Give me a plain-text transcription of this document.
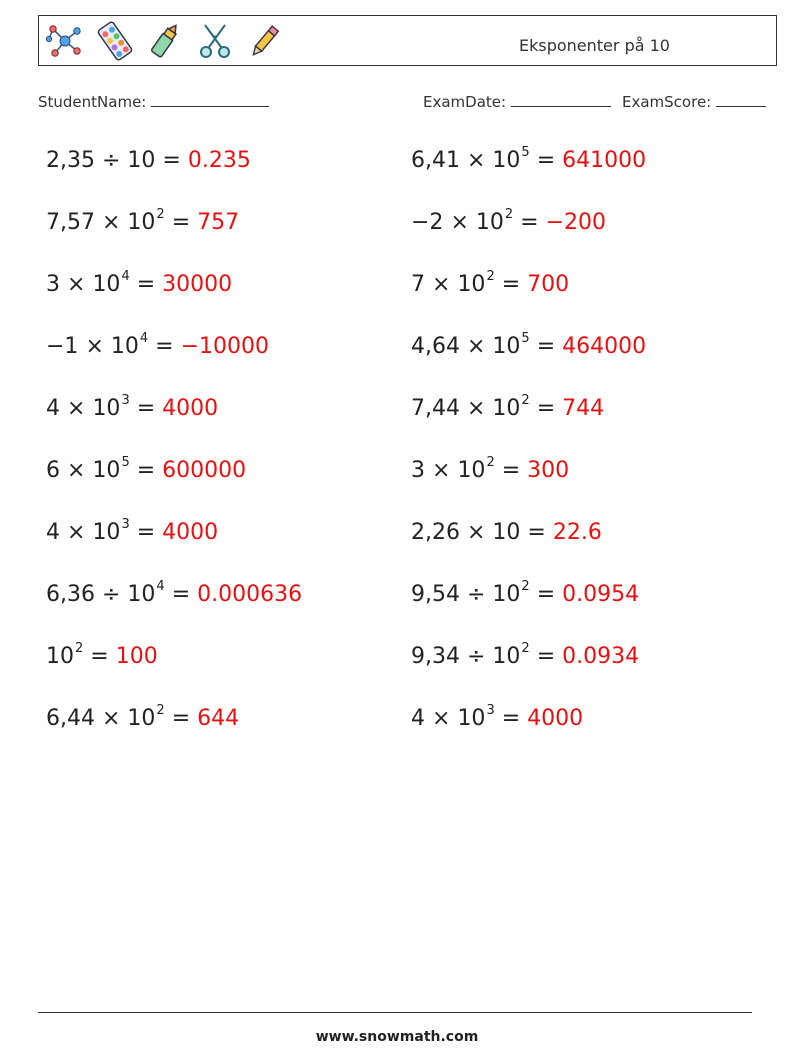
Eksponenter på 10
StudentName:	ExamDate:	ExamScore:
2,35 ÷ 10 = 0.235	$6,41 \times 10^5 = 641000$
$7,57 \times 10^2 = 757$	$-2 \times 10^2 = -200$
$3 \times 10^4 = 30000$	$7 \times 10^2 = 700$
$-1 \times 10^4 = -10000$	$4,64 \times 10^5 = 464000$
$4 \times 10^3 = 4000$	$7,44 \times 10^2 = 744$
$6 \times 10^5 = 600000$	$3 \times 10^2 = 300$
$4 \times 10^3 = 4000$	2,26 × 10 = 22.6
$6,36 \div 10^4 = 0.000636$	$9,54 \div 10^2 = 0.0954$
$10^2 = 100$	$9,34 \div 10^2 = 0.0934$
$6,44 \times 10^2 = 644$	$4 \times 10^3 = 4000$
www.snowmath.com
